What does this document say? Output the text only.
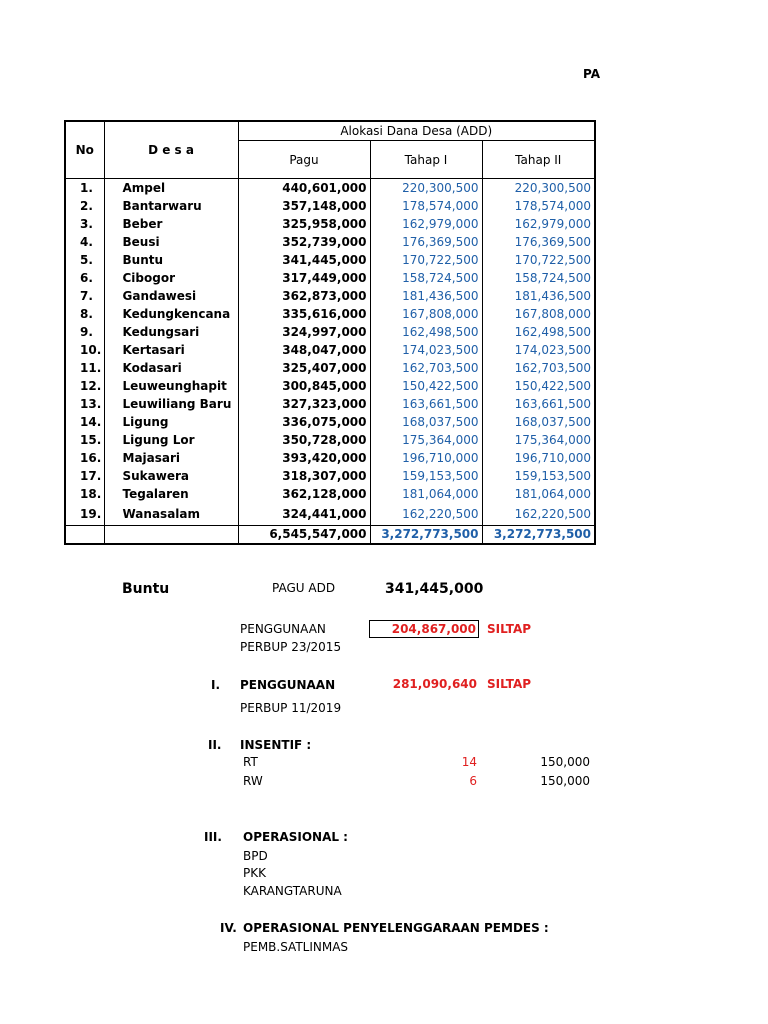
PA
No	D e s a	Alokasi Dana Desa (ADD)		
		Pagu	Tahap I	Tahap II
1.	Ampel	440,601,000	220,300,500	220,300,500
2.	Bantarwaru	357,148,000	178,574,000	178,574,000
3.	Beber	325,958,000	162,979,000	162,979,000
4.	Beusi	352,739,000	176,369,500	176,369,500
5.	Buntu	341,445,000	170,722,500	170,722,500
6.	Cibogor	317,449,000	158,724,500	158,724,500
7.	Gandawesi	362,873,000	181,436,500	181,436,500
8.	Kedungkencana	335,616,000	167,808,000	167,808,000
9.	Kedungsari	324,997,000	162,498,500	162,498,500
10.	Kertasari	348,047,000	174,023,500	174,023,500
11.	Kodasari	325,407,000	162,703,500	162,703,500
12.	Leuweunghapit	300,845,000	150,422,500	150,422,500
13.	Leuwiliang Baru	327,323,000	163,661,500	163,661,500
14.	Ligung	336,075,000	168,037,500	168,037,500
15.	Ligung Lor	350,728,000	175,364,000	175,364,000
16.	Majasari	393,420,000	196,710,000	196,710,000
17.	Sukawera	318,307,000	159,153,500	159,153,500
18.	Tegalaren	362,128,000	181,064,000	181,064,000
19.	Wanasalam	324,441,000	162,220,500	162,220,500
		6,545,547,000	3,272,773,500	3,272,773,500
Buntu	PAGU ADD	341,445,000
PENGGUNAAN
PERBUP 23/2015
204,867,000 SILTAP
I. PENGGUNAAN	281,090,640 SILTAP
PERBUP 11/2019
II. INSENTIF :
RT	14	150,000
RW	6	150,000
III. OPERASIONAL :
BPD
PKK
KARANGTARUNA
IV. OPERASIONAL PENYELENGGARAAN PEMDES :
PEMB.SATLINMAS
